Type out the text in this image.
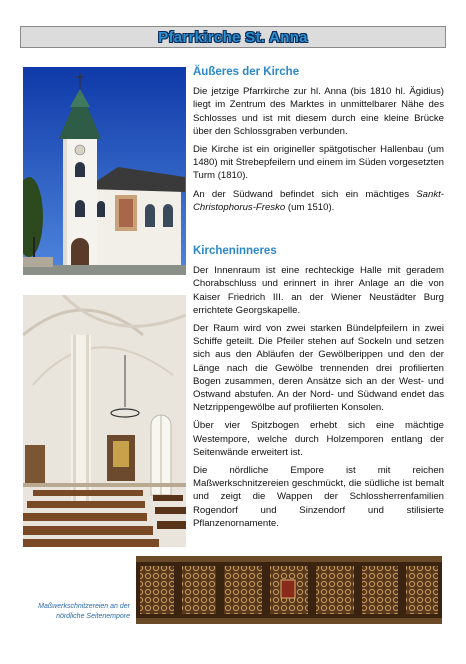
Pfarrkirche St. Anna
Äußeres der Kirche

Die jetzige Pfarrkirche zur hl. Anna (bis 1810 hl. Ägidius) liegt im Zentrum des Marktes in unmittelbarer Nähe des Schlosses und ist mit diesem durch eine kleine Brücke über den Schlossgraben verbunden.

Die Kirche ist ein origineller spätgotischer Hallenbau (um 1480) mit Strebepfeilern und einem im Süden vorgesetzten Turm (1810).

An der Südwand befindet sich ein mächtiges Sankt-Christophorus-Fresko (um 1510).

Kircheninneres

Der Innenraum ist eine rechteckige Halle mit geradem Chorabschluss und erinnert in ihrer Anlage an die von Kaiser Friedrich III. an der Wiener Neustädter Burg errichtete Georgskapelle.

Der Raum wird von zwei starken Bündelpfeilern in zwei Schiffe geteilt. Die Pfeiler stehen auf Sockeln und setzen sich aus den Abläufen der Gewölberippen und den der Länge nach die Gewölbe trennenden drei profilierten Bogen zusammen, deren Ansätze sich an der West- und Ostwand abstufen. An der Nord- und Südwand endet das Netzrippengewölbe auf profilierten Konsolen.

Über vier Spitzbogen erhebt sich eine mächtige Westempore, welche durch Holzemporen entlang der Seitenwände erweitert ist.

Die nördliche Empore ist mit reichen Maßwerkschnitzereien geschmückt, die südliche ist bemalt und zeigt die Wappen der Schlossherrenfamilien Rogendorf und Sinzendorf und stilisierte Pflanzenornamente.

Maßwerkschnitzereien an der nördliche Seitenempore
